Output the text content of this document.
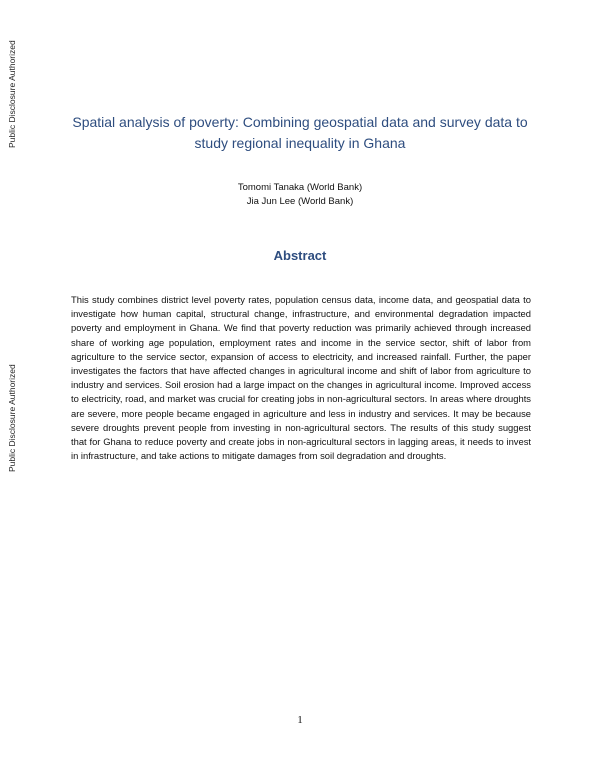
Public Disclosure Authorized
Public Disclosure Authorized
Spatial analysis of poverty: Combining geospatial data and survey data to study regional inequality in Ghana
Tomomi Tanaka (World Bank)
Jia Jun Lee (World Bank)
Abstract

This study combines district level poverty rates, population census data, income data, and geospatial data to investigate how human capital, structural change, infrastructure, and environmental degradation impacted poverty and employment in Ghana. We find that poverty reduction was primarily achieved through increased share of working age population, employment rates and income in the service sector, shift of labor from agriculture to the service sector, expansion of access to electricity, and increased rainfall. Further, the paper investigates the factors that have affected changes in agricultural income and shift of labor from agriculture to industry and services. Soil erosion had a large impact on the changes in agricultural income. Improved access to electricity, road, and market was crucial for creating jobs in non-agricultural sectors. In areas where droughts are severe, more people became engaged in agriculture and less in industry and services. It may be because severe droughts prevent people from investing in non-agricultural sectors. The results of this study suggest that for Ghana to reduce poverty and create jobs in non-agricultural sectors in lagging areas, it needs to invest in infrastructure, and take actions to mitigate damages from soil degradation and droughts.

1
